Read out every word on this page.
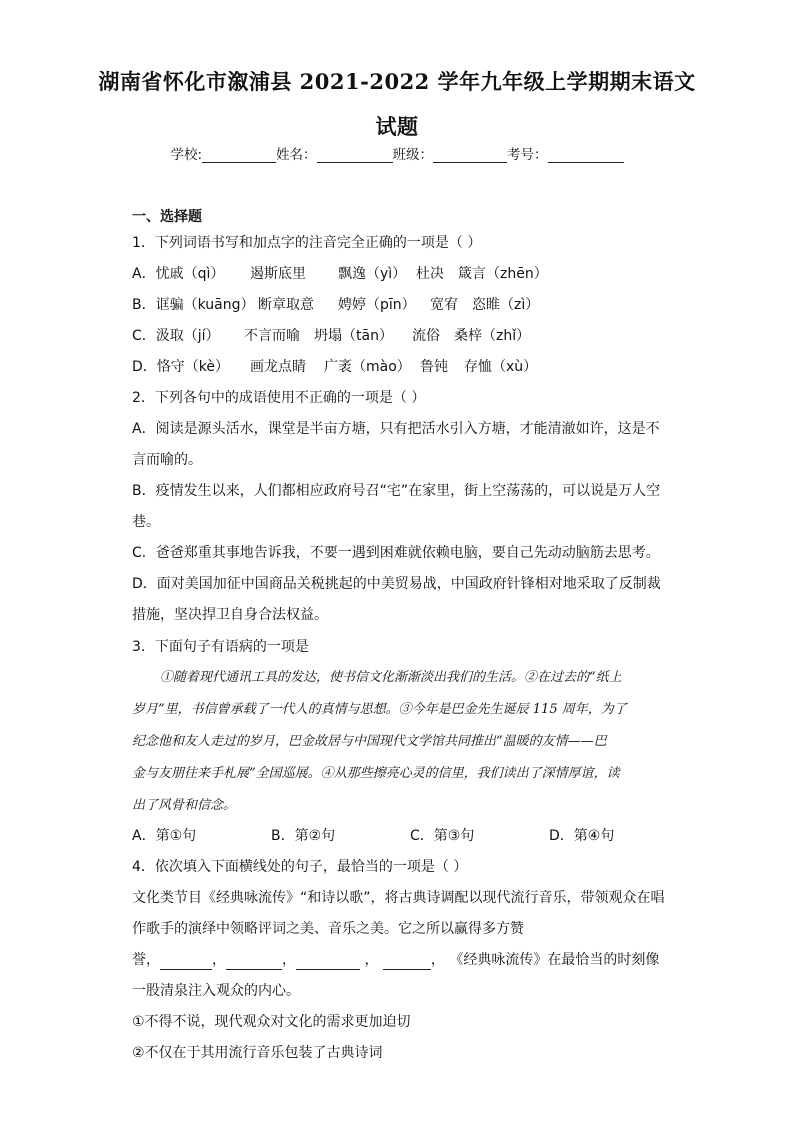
湖南省怀化市溆浦县 2021-2022 学年九年级上学期期末语文
试题
学校:	姓名：	班级：	考号：
一、选择题
1．下列词语书写和加点字的注音完全正确的一项是（ ）
A．忧戚（qì） 遏斯底里 飘逸（yì） 杜决 箴言（zhēn）
B．诓骗（kuāng） 断章取意 娉婷（pīn） 宽宥 恣睢（zì）
C．汲取（jí） 不言而喻 坍塌（tān） 流俗 桑梓（zhǐ）
D．恪守（kè） 画龙点睛 广袤（mào） 鲁钝 存恤（xù）
2．下列各句中的成语使用不正确的一项是（ ）
A．阅读是源头活水，课堂是半亩方塘，只有把活水引入方塘，才能清澈如许，这是不
言而喻的。
B．疫情发生以来，人们都相应政府号召“宅”在家里，街上空荡荡的，可以说是万人空
巷。
C．爸爸郑重其事地告诉我，不要一遇到困难就依赖电脑，要自己先动动脑筋去思考。
D．面对美国加征中国商品关税挑起的中美贸易战，中国政府针锋相对地采取了反制裁
措施，坚决捍卫自身合法权益。
3．下面句子有语病的一项是
①随着现代通讯工具的发达，使书信文化渐渐淡出我们的生活。②在过去的“纸上
岁月”里，书信曾承载了一代人的真情与思想。③今年是巴金先生诞辰 115 周年，为了
纪念他和友人走过的岁月，巴金故居与中国现代文学馆共同推出“温暖的友情——巴
金与友朋往来手札展”全国巡展。④从那些擦亮心灵的信里，我们读出了深情厚谊，读
出了风骨和信念。
A．第①句	B．第②句	C．第③句	D．第④句
4．依次填入下面横线处的句子，最恰当的一项是（ ）
文化类节目《经典咏流传》“和诗以歌”，将古典诗调配以现代流行音乐，带领观众在唱
作歌手的演绎中领略评词之美、音乐之美。它之所以赢得多方赞
誉，	，	，	，	， 《经典咏流传》在最恰当的时刻像
一股清泉注入观众的内心。
①不得不说，现代观众对文化的需求更加迫切
②不仅在于其用流行音乐包装了古典诗词
